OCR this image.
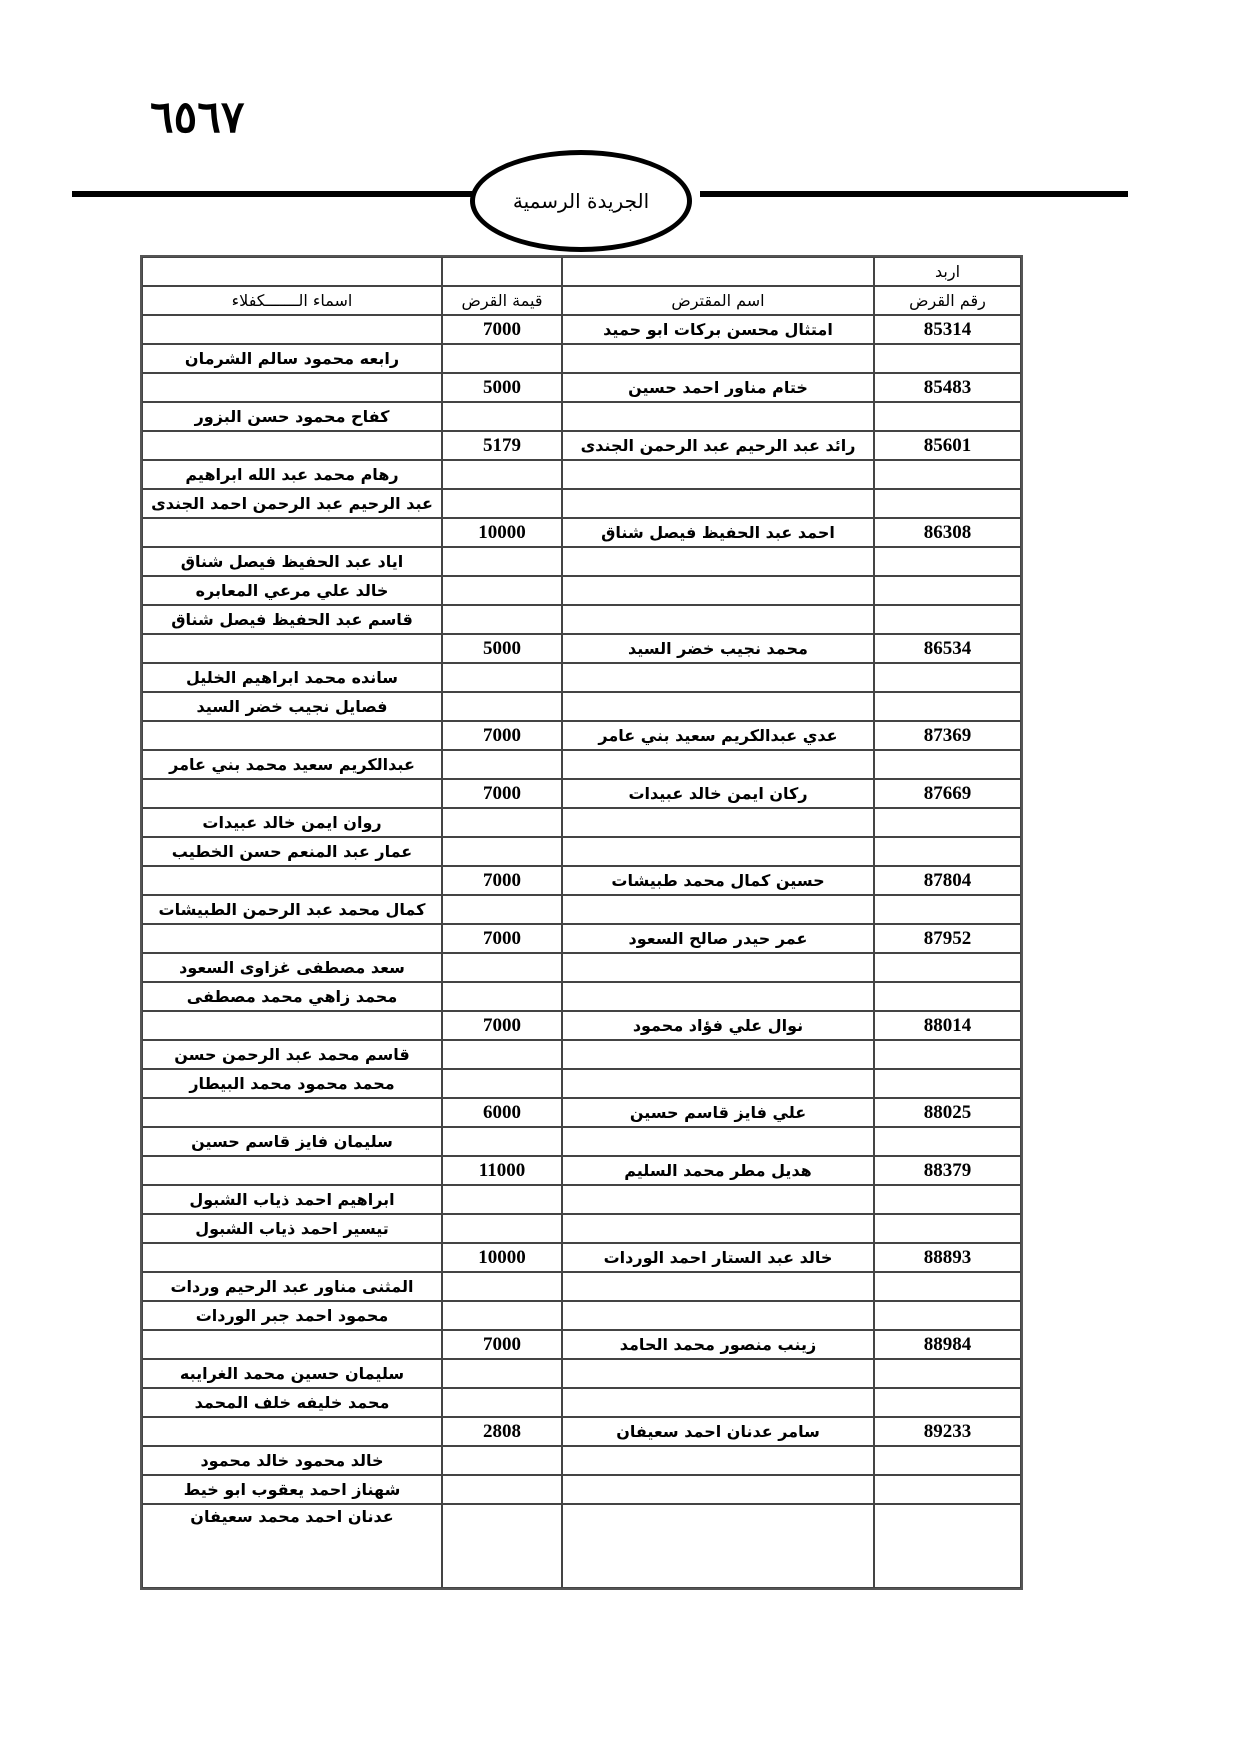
٦٥٦٧
الجريدة الرسمية
			اربد
اسماء الـــــــكفلاء	قيمة القرض	اسم المقترض	رقم القرض
	7000	امتثال محسن بركات ابو حميد	85314
رابعه محمود سالم الشرمان			
	5000	ختام مناور احمد حسين	85483
كفاح محمود حسن البزور			
	5179	رائد عبد الرحيم عبد الرحمن الجندى	85601
رهام محمد عبد الله ابراهيم			
عبد الرحيم عبد الرحمن احمد الجندى			
	10000	احمد عبد الحفيظ فيصل شناق	86308
اياد عبد الحفيظ فيصل شناق			
خالد علي مرعي المعابره			
قاسم عبد الحفيظ فيصل شناق			
	5000	محمد نجيب خضر السيد	86534
سانده محمد ابراهيم الخليل			
فصايل نجيب خضر السيد			
	7000	عدي عبدالكريم سعيد بني عامر	87369
عبدالكريم سعيد محمد بني عامر			
	7000	ركان ايمن خالد عبيدات	87669
روان ايمن خالد عبيدات			
عمار عبد المنعم حسن الخطيب			
	7000	حسين كمال محمد طبيشات	87804
كمال محمد عبد الرحمن الطبيشات			
	7000	عمر حيدر صالح السعود	87952
سعد مصطفى غزاوى السعود			
محمد زاهي محمد مصطفى			
	7000	نوال علي فؤاد محمود	88014
قاسم محمد عبد الرحمن حسن			
محمد محمود محمد البيطار			
	6000	علي فايز قاسم حسين	88025
سليمان فايز قاسم حسين			
	11000	هديل مطر محمد السليم	88379
ابراهيم احمد ذياب الشبول			
تيسير احمد ذياب الشبول			
	10000	خالد عبد الستار احمد الوردات	88893
المثنى مناور عبد الرحيم وردات			
محمود احمد جبر الوردات			
	7000	زينب منصور محمد الحامد	88984
سليمان حسين محمد الغرايبه			
محمد خليفه خلف المحمد			
	2808	سامر عدنان احمد سعيفان	89233
خالد محمود خالد محمود			
شهناز احمد يعقوب ابو خيط			
عدنان احمد محمد سعيفان			
